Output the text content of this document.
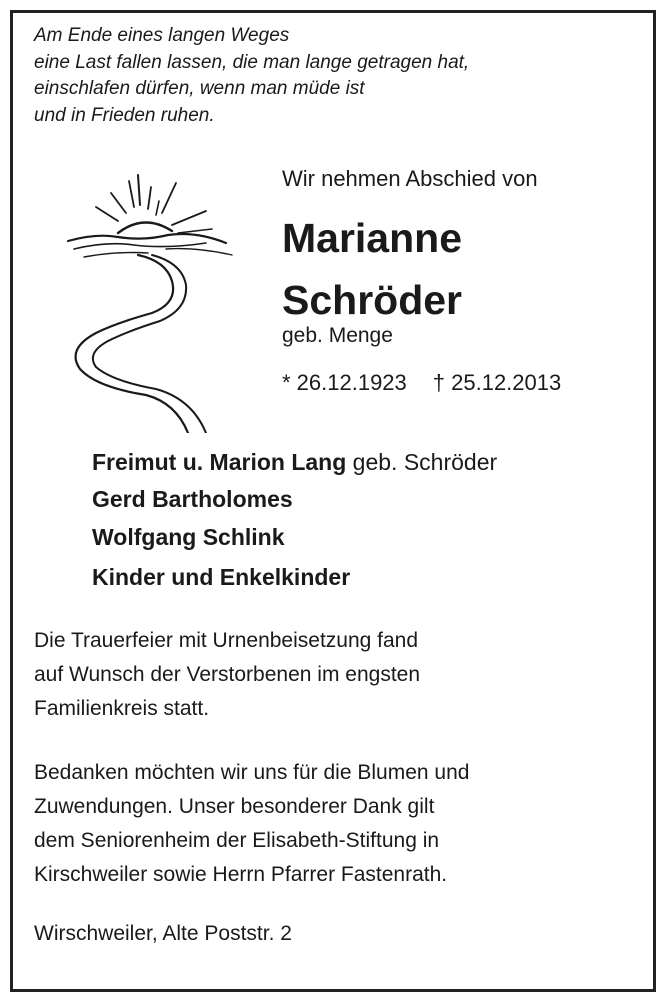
Am Ende eines langen Weges
eine Last fallen lassen, die man lange getragen hat,
einschlafen dürfen, wenn man müde ist
und in Frieden ruhen.
Wir nehmen Abschied von
Marianne
Schröder
geb. Menge
* 26.12.1923 † 25.12.2013
Freimut u. Marion Lang geb. Schröder
Gerd Bartholomes
Wolfgang Schlink
Kinder und Enkelkinder
Die Trauerfeier mit Urnenbeisetzung fand
auf Wunsch der Verstorbenen im engsten
Familienkreis statt.
Bedanken möchten wir uns für die Blumen und
Zuwendungen. Unser besonderer Dank gilt
dem Seniorenheim der Elisabeth-Stiftung in
Kirschweiler sowie Herrn Pfarrer Fastenrath.
Wirschweiler, Alte Poststr. 2
